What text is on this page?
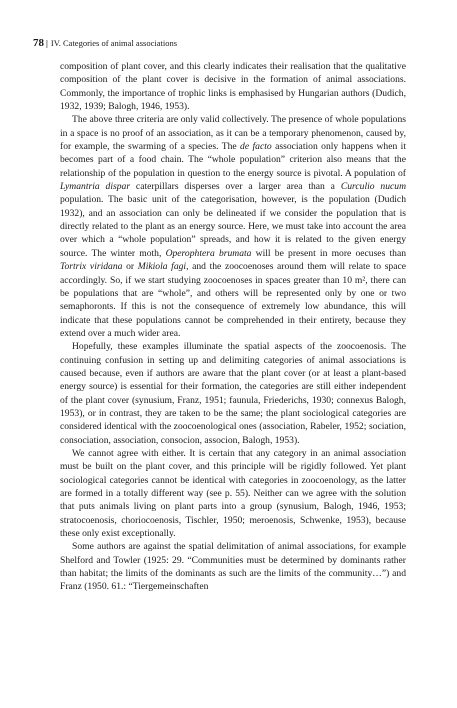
78 | IV. Categories of animal associations

composition of plant cover, and this clearly indicates their realisation that the qualitative composition of the plant cover is decisive in the formation of animal associations. Commonly, the importance of trophic links is emphasised by Hungarian authors (Dudich, 1932, 1939; Balogh, 1946, 1953).

The above three criteria are only valid collectively. The presence of whole populations in a space is no proof of an association, as it can be a temporary phenomenon, caused by, for example, the swarming of a species. The de facto association only happens when it becomes part of a food chain. The “whole population” criterion also means that the relationship of the population in question to the energy source is pivotal. A population of Lymantria dispar caterpillars disperses over a larger area than a Curculio nucum population. The basic unit of the categorisation, however, is the population (Dudich 1932), and an association can only be delineated if we consider the population that is directly related to the plant as an energy source. Here, we must take into account the area over which a “whole population” spreads, and how it is related to the given energy source. The winter moth, Operophtera brumata will be present in more oecuses than Tortrix viridana or Mikiola fagi, and the zoocoenoses around them will relate to space accordingly. So, if we start studying zoocoenoses in spaces greater than 10 m², there can be populations that are “whole”, and others will be represented only by one or two semaphoronts. If this is not the consequence of extremely low abundance, this will indicate that these populations cannot be comprehended in their entirety, because they extend over a much wider area.

Hopefully, these examples illuminate the spatial aspects of the zoocoenosis. The continuing confusion in setting up and delimiting categories of animal associations is caused because, even if authors are aware that the plant cover (or at least a plant-based energy source) is essential for their formation, the categories are still either independent of the plant cover (synusium, Franz, 1951; faunula, Friederichs, 1930; connexus Balogh, 1953), or in contrast, they are taken to be the same; the plant sociological categories are considered identical with the zoocoenological ones (association, Rabeler, 1952; sociation, consociation, association, consocion, associon, Balogh, 1953).

We cannot agree with either. It is certain that any category in an animal association must be built on the plant cover, and this principle will be rigidly followed. Yet plant sociological categories cannot be identical with categories in zoocoenology, as the latter are formed in a totally different way (see p. 55). Neither can we agree with the solution that puts animals living on plant parts into a group (synusium, Balogh, 1946, 1953; stratocoenosis, choriocoenosis, Tischler, 1950; meroenosis, Schwenke, 1953), because these only exist exceptionally.

Some authors are against the spatial delimitation of animal associations, for example Shelford and Towler (1925: 29. “Communities must be determined by dominants rather than habitat; the limits of the dominants as such are the limits of the community…”) and Franz (1950. 61.: “Tiergemeinschaften
